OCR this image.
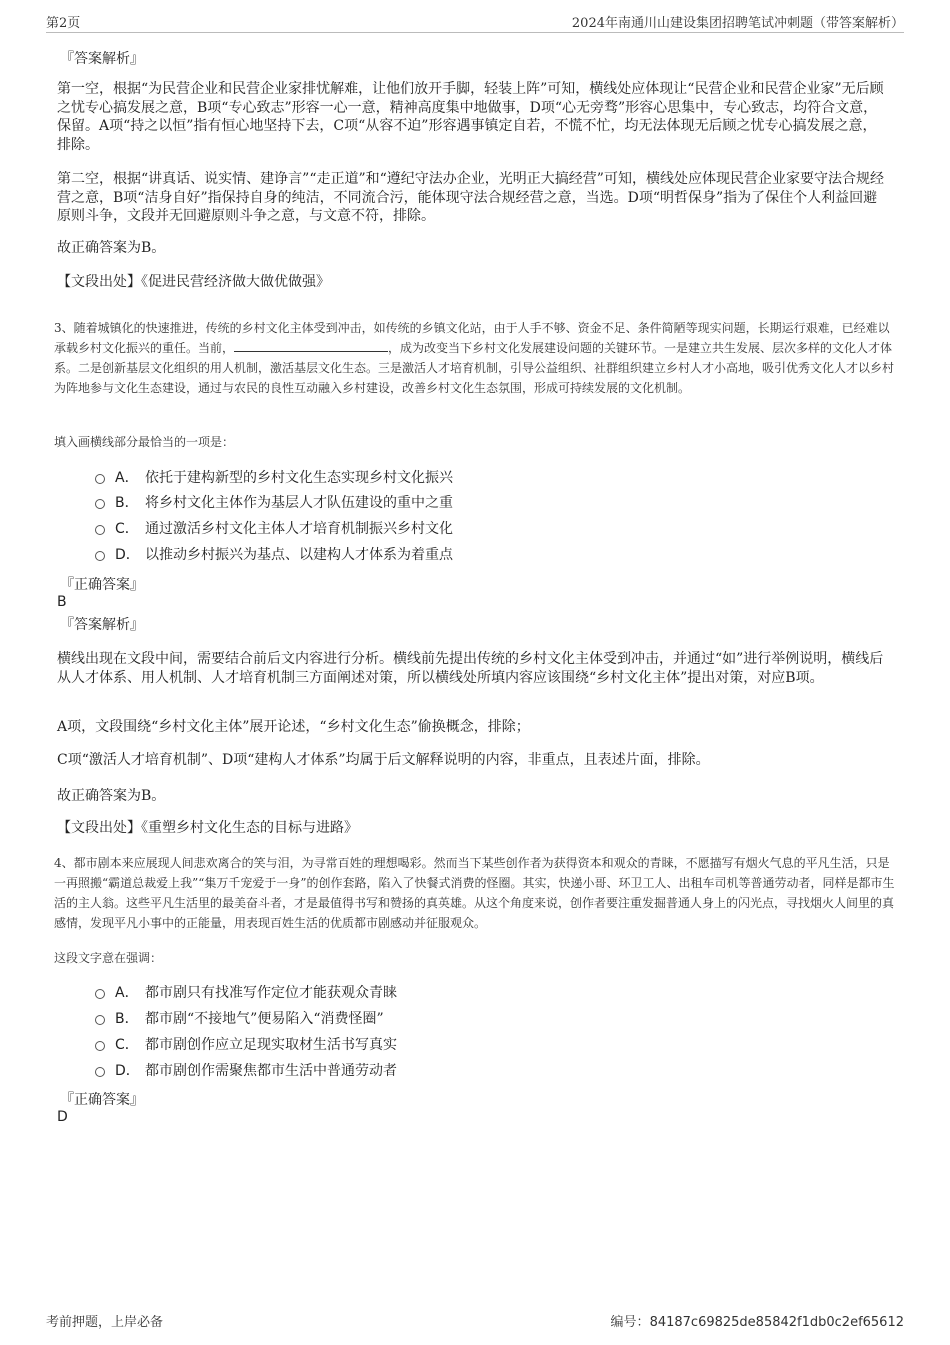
第2页	2024年南通川山建设集团招聘笔试冲刺题（带答案解析）
『答案解析』
第一空，根据“为民营企业和民营企业家排忧解难，让他们放开手脚，轻装上阵”可知，横线处应体现让“民营企业和民营企业家”无后顾之忧专心搞发展之意，B项“专心致志”形容一心一意，精神高度集中地做事，D项“心无旁骛”形容心思集中，专心致志，均符合文意，保留。A项“持之以恒”指有恒心地坚持下去，C项“从容不迫”形容遇事镇定自若，不慌不忙，均无法体现无后顾之忧专心搞发展之意，排除。
第二空，根据“讲真话、说实情、建诤言”“走正道”和“遵纪守法办企业，光明正大搞经营”可知，横线处应体现民营企业家要守法合规经营之意，B项“洁身自好”指保持自身的纯洁，不同流合污，能体现守法合规经营之意，当选。D项“明哲保身”指为了保住个人利益回避原则斗争，文段并无回避原则斗争之意，与文意不符，排除。
故正确答案为B。
【文段出处】《促进民营经济做大做优做强》
3、随着城镇化的快速推进，传统的乡村文化主体受到冲击，如传统的乡镇文化站，由于人手不够、资金不足、条件简陋等现实问题，长期运行艰难，已经难以承载乡村文化振兴的重任。当前，	，成为改变当下乡村文化发展建设问题的关键环节。一是建立共生发展、层次多样的文化人才体系。二是创新基层文化组织的用人机制，激活基层文化生态。三是激活人才培育机制，引导公益组织、社群组织建立乡村人才小高地，吸引优秀文化人才以乡村为阵地参与文化生态建设，通过与农民的良性互动融入乡村建设，改善乡村文化生态氛围，形成可持续发展的文化机制。
填入画横线部分最恰当的一项是：
A． 依托于建构新型的乡村文化生态实现乡村文化振兴
B． 将乡村文化主体作为基层人才队伍建设的重中之重
C． 通过激活乡村文化主体人才培育机制振兴乡村文化
D． 以推动乡村振兴为基点、以建构人才体系为着重点
『正确答案』
B
『答案解析』
横线出现在文段中间，需要结合前后文内容进行分析。横线前先提出传统的乡村文化主体受到冲击，并通过“如”进行举例说明，横线后从人才体系、用人机制、人才培育机制三方面阐述对策，所以横线处所填内容应该围绕“乡村文化主体”提出对策，对应B项。
A项，文段围绕“乡村文化主体”展开论述，“乡村文化生态”偷换概念，排除；
C项“激活人才培育机制”、D项“建构人才体系”均属于后文解释说明的内容，非重点，且表述片面，排除。
故正确答案为B。
【文段出处】《重塑乡村文化生态的目标与进路》
4、都市剧本来应展现人间悲欢离合的笑与泪，为寻常百姓的理想喝彩。然而当下某些创作者为获得资本和观众的青睐，不愿描写有烟火气息的平凡生活，只是一再照搬“霸道总裁爱上我”“集万千宠爱于一身”的创作套路，陷入了快餐式消费的怪圈。其实，快递小哥、环卫工人、出租车司机等普通劳动者，同样是都市生活的主人翁。这些平凡生活里的最美奋斗者，才是最值得书写和赞扬的真英雄。从这个角度来说，创作者要注重发掘普通人身上的闪光点，寻找烟火人间里的真感情，发现平凡小事中的正能量，用表现百姓生活的优质都市剧感动并征服观众。
这段文字意在强调：
A． 都市剧只有找准写作定位才能获观众青睐
B． 都市剧“不接地气”便易陷入“消费怪圈”
C． 都市剧创作应立足现实取材生活书写真实
D． 都市剧创作需聚焦都市生活中普通劳动者
『正确答案』
D
考前押题，上岸必备	编号：84187c69825de85842f1db0c2ef65612
